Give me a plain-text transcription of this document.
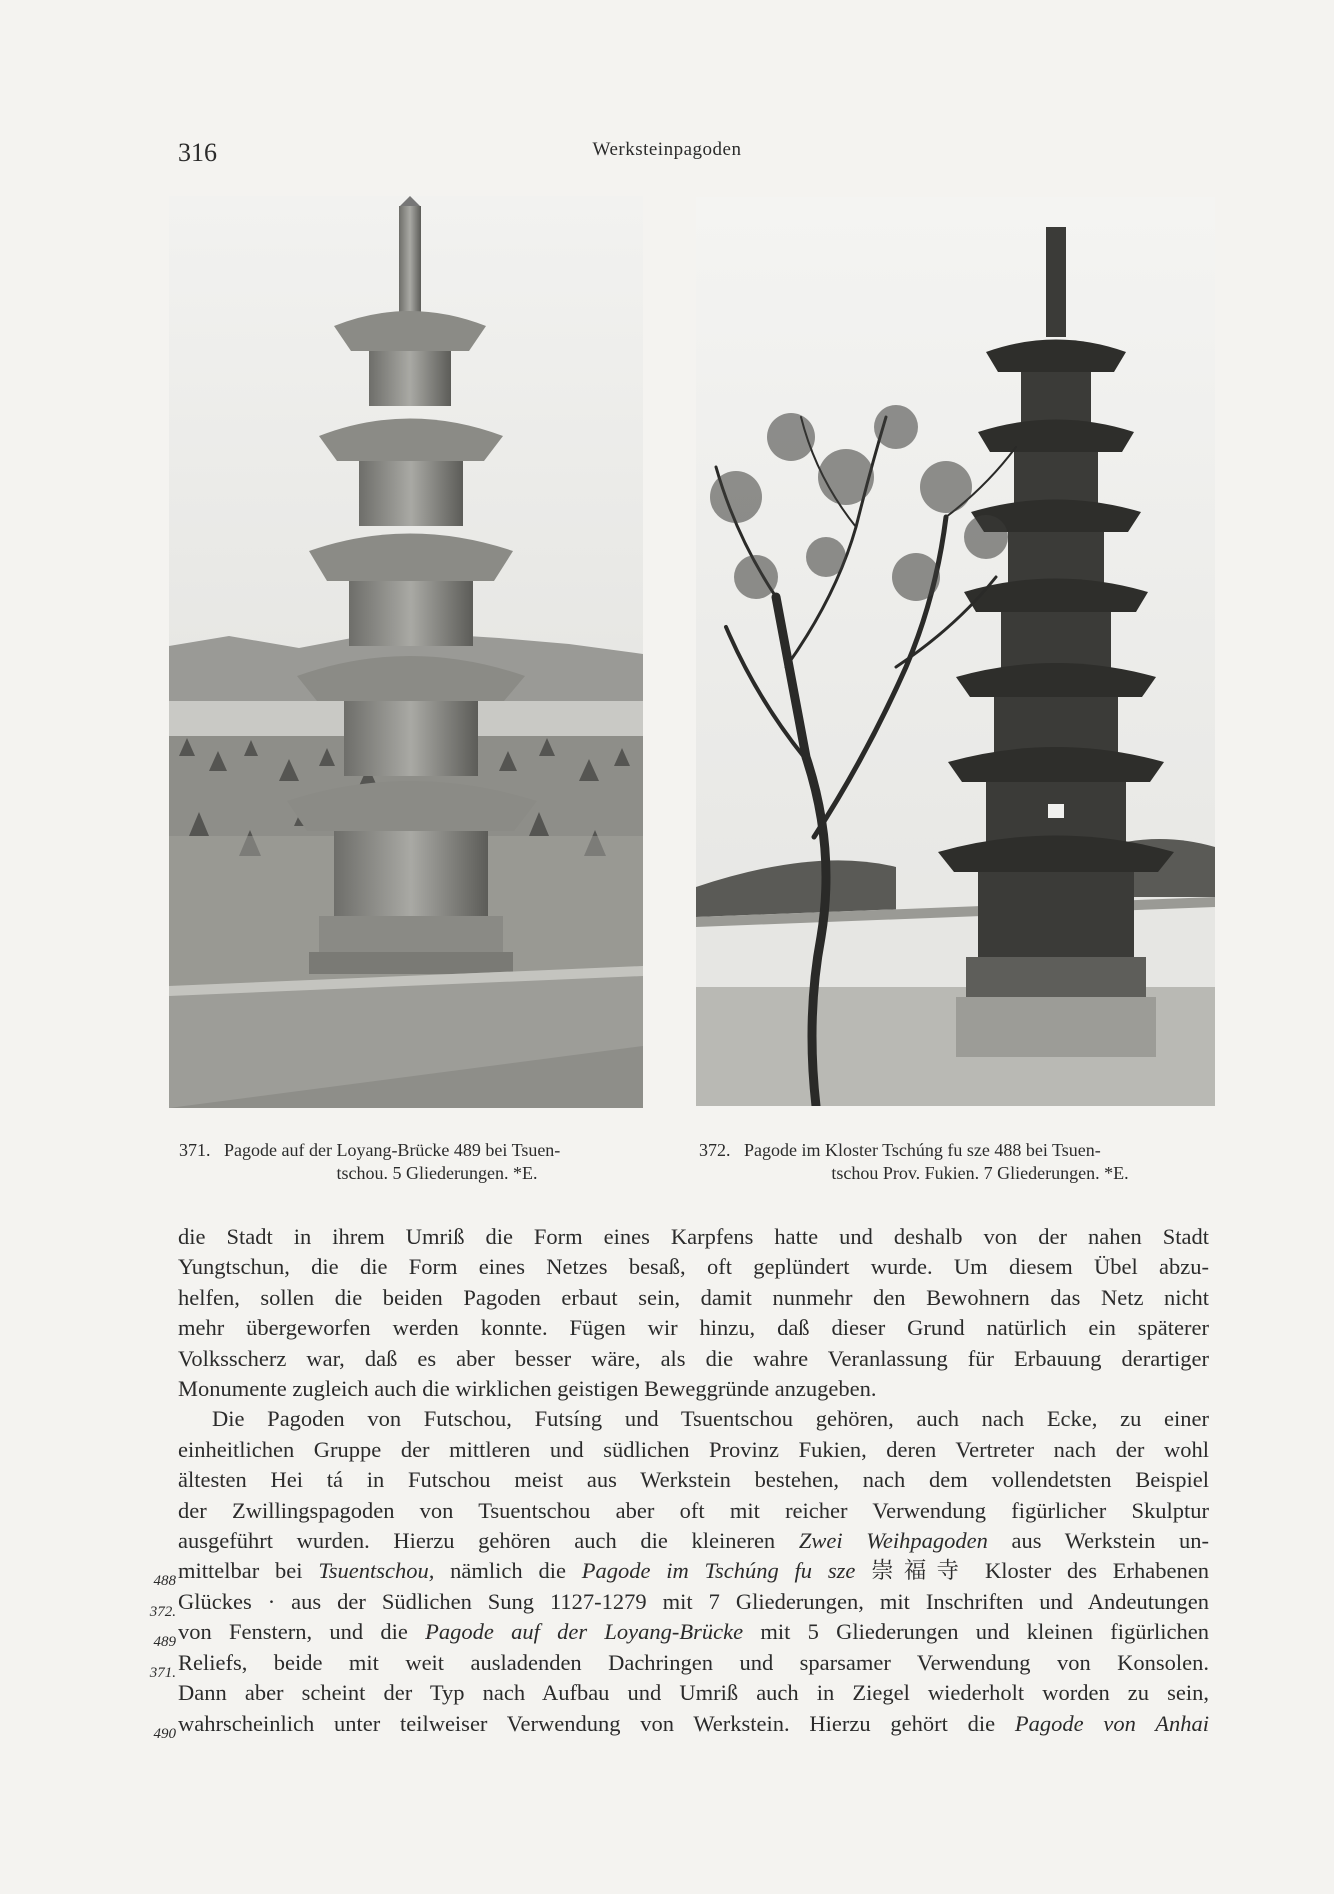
316	Werksteinpagoden
371. Pagode auf der Loyang-Brücke 489 bei Tsuen-
tschou. 5 Gliederungen. *E.
372. Pagode im Kloster Tschúng fu sze 488 bei Tsuen-
tschou Prov. Fukien. 7 Gliederungen. *E.

die Stadt in ihrem Umriß die Form eines Karpfens hatte und deshalb von der nahen Stadt

Yungtschun, die die Form eines Netzes besaß, oft geplündert wurde. Um diesem Übel abzu-

helfen, sollen die beiden Pagoden erbaut sein, damit nunmehr den Bewohnern das Netz nicht

mehr übergeworfen werden konnte. Fügen wir hinzu, daß dieser Grund natürlich ein späterer

Volksscherz war, daß es aber besser wäre, als die wahre Veranlassung für Erbauung derartiger

Monumente zugleich auch die wirklichen geistigen Beweggründe anzugeben.

Die Pagoden von Futschou, Futsíng und Tsuentschou gehören, auch nach Ecke, zu einer

einheitlichen Gruppe der mittleren und südlichen Provinz Fukien, deren Vertreter nach der wohl

ältesten Hei tá in Futschou meist aus Werkstein bestehen, nach dem vollendetsten Beispiel

der Zwillingspagoden von Tsuentschou aber oft mit reicher Verwendung figürlicher Skulptur

ausgeführt wurden. Hierzu gehören auch die kleineren Zwei Weihpagoden aus Werkstein un-

mittelbar bei Tsuentschou, nämlich die Pagode im Tschúng fu sze 崇福寺 Kloster des Erhabenen

Glückes · aus der Südlichen Sung 1127-1279 mit 7 Gliederungen, mit Inschriften und Andeutungen

von Fenstern, und die Pagode auf der Loyang-Brücke mit 5 Gliederungen und kleinen figürlichen

Reliefs, beide mit weit ausladenden Dachringen und sparsamer Verwendung von Konsolen.

Dann aber scheint der Typ nach Aufbau und Umriß auch in Ziegel wiederholt worden zu sein,

wahrscheinlich unter teilweiser Verwendung von Werkstein. Hierzu gehört die Pagode von Anhai

488
372.
489
371.
490
